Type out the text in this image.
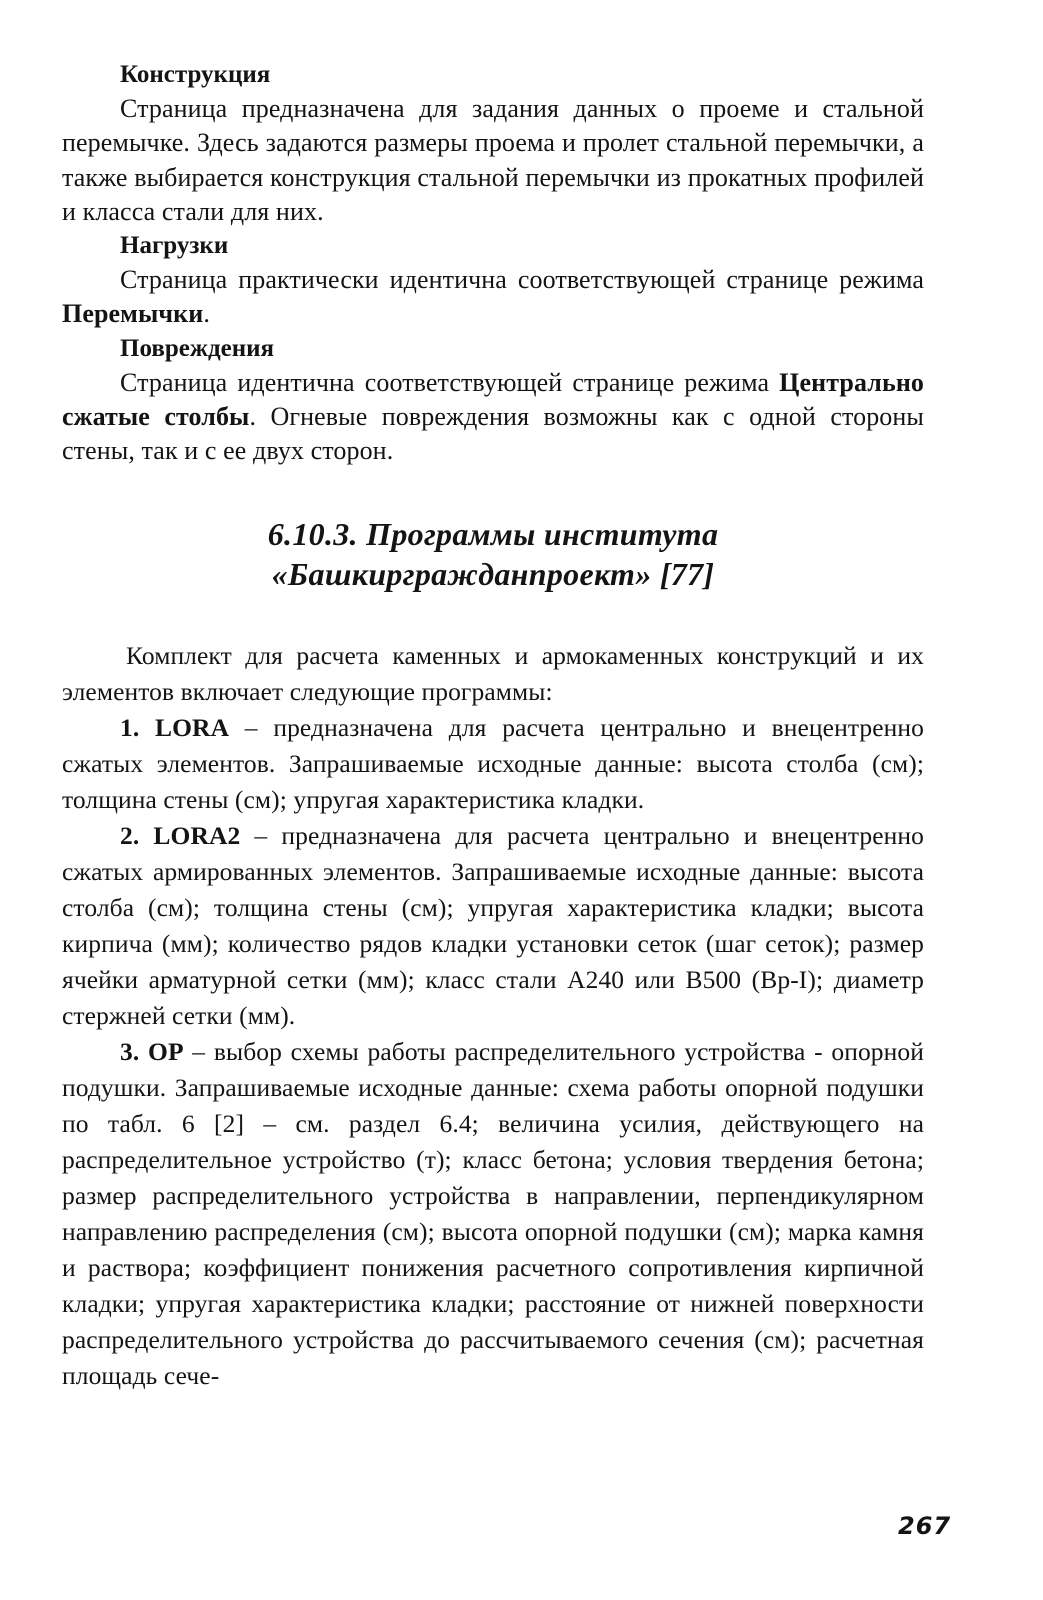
Конструкция

Страница предназначена для задания данных о проеме и стальной перемычке. Здесь задаются размеры проема и пролет стальной перемычки, а также выбирается конструкция стальной перемычки из прокатных профилей и класса стали для них.

Нагрузки

Страница практически идентична соответствующей странице режима Перемычки.

Повреждения

Страница идентична соответствующей странице режима Центрально сжатые столбы. Огневые повреждения возможны как с одной стороны стены, так и с ее двух сторон.

6.10.3. Программы института

«Башкиргражданпроект» [77]

Комплект для расчета каменных и армокаменных конструкций и их элементов включает следующие программы:

1. LORA – предназначена для расчета центрально и внецентренно сжатых элементов. Запрашиваемые исходные данные: высота столба (см); толщина стены (см); упругая характеристика кладки.

2. LORA2 – предназначена для расчета центрально и внецентренно сжатых армированных элементов. Запрашиваемые исходные данные: высота столба (см); толщина стены (см); упругая характеристика кладки; высота кирпича (мм); количество рядов кладки установки сеток (шаг сеток); размер ячейки арматурной сетки (мм); класс стали А240 или В500 (Вр-I); диаметр стержней сетки (мм).

3. OP – выбор схемы работы распределительного устройства - опорной подушки. Запрашиваемые исходные данные: схема работы опорной подушки по табл. 6 [2] – см. раздел 6.4; величина усилия, действующего на распределительное устройство (т); класс бетона; условия твердения бетона; размер распределительного устройства в направлении, перпендикулярном направлению распределения (см); высота опорной подушки (см); марка камня и раствора; коэффициент понижения расчетного сопротивления кирпичной кладки; упругая характеристика кладки; расстояние от нижней поверхности распределительного устройства до рассчитываемого сечения (см); расчетная площадь сече-

267
